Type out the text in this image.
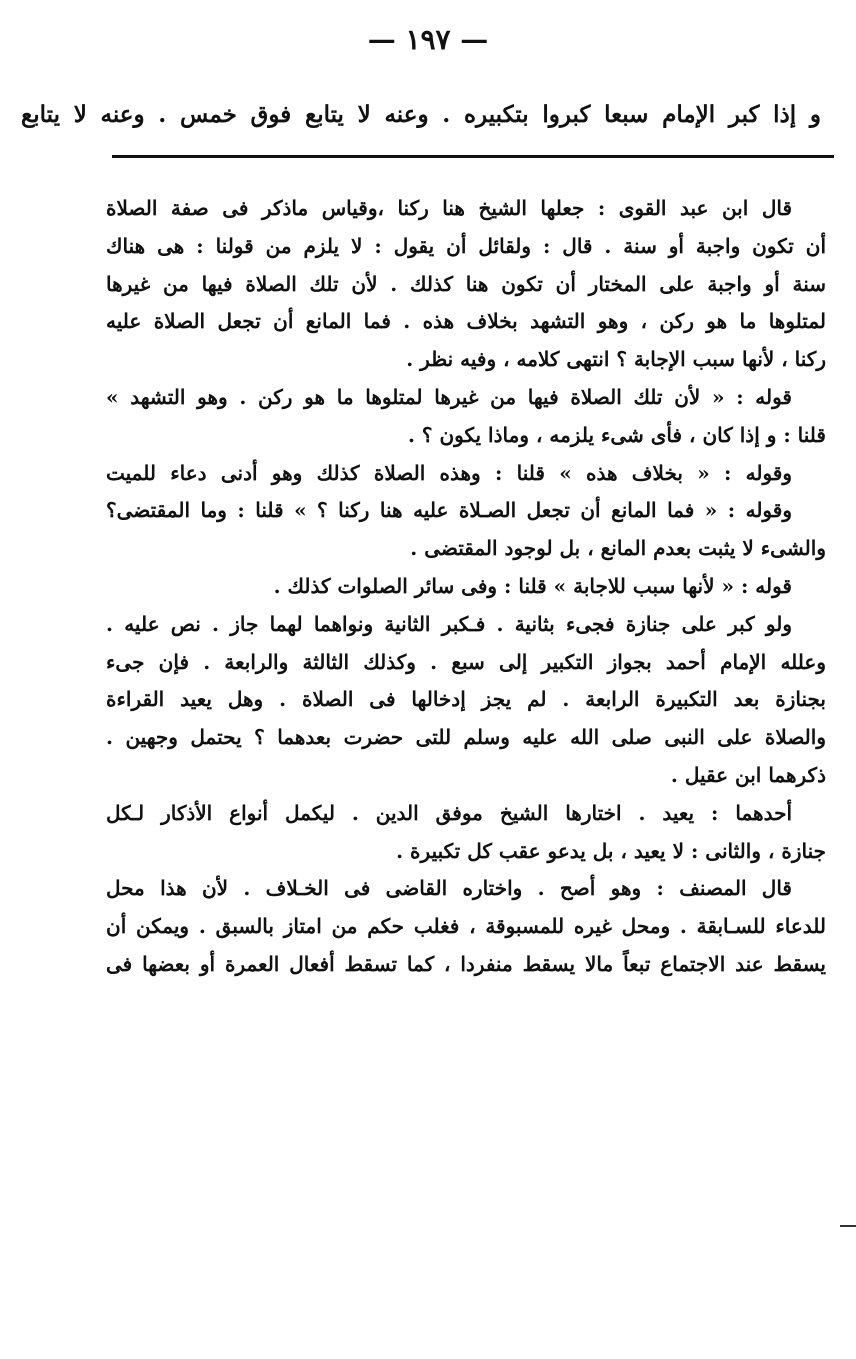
— ١٩٧ —
و إذا كبر الإمام سبعا كبروا بتكبيره . وعنه لا يتابع فوق خمس . وعنه لا يتابع
قال ابن عبد القوى : جعلها الشيخ هنا ركنا ،وقياس ماذكر فى صفة الصلاة
أن تكون واجبة أو سنة . قال : ولقائل أن يقول : لا يلزم من قولنا : هى هناك
سنة أو واجبة على المختار أن تكون هنا كذلك . لأن تلك الصلاة فيها من غيرها
لمتلوها ما هو ركن ، وهو التشهد بخلاف هذه . فما المانع أن تجعل الصلاة عليه
ركنا ، لأنها سبب الإجابة ؟ انتهى كلامه ، وفيه نظر .
قوله : « لأن تلك الصلاة فيها من غيرها لمتلوها ما هو ركن . وهو التشهد »
قلنا : و إذا كان ، فأى شىء يلزمه ، وماذا يكون ؟ .
وقوله : « بخلاف هذه » قلنا : وهذه الصلاة كذلك وهو أدنى دعاء للميت
وقوله : « فما المانع أن تجعل الصـلاة عليه هنا ركنا ؟ » قلنا : وما المقتضى؟
والشىء لا يثبت بعدم المانع ، بل لوجود المقتضى .
قوله : « لأنها سبب للاجابة » قلنا : وفى سائر الصلوات كذلك .
ولو كبر على جنازة فجىء بثانية . فـكبر الثانية ونواهما لهما جاز . نص عليه .
وعلله الإمام أحمد بجواز التكبير إلى سبع . وكذلك الثالثة والرابعة . فإن جىء
بجنازة بعد التكبيرة الرابعة . لم يجز إدخالها فى الصلاة . وهل يعيد القراءة
والصلاة على النبى صلى الله عليه وسلم للتى حضرت بعدهما ؟ يحتمل وجهين .
ذكرهما ابن عقيل .
أحدهما : يعيد . اختارها الشيخ موفق الدين . ليكمل أنواع الأذكار لـكل
جنازة ، والثانى : لا يعيد ، بل يدعو عقب كل تكبيرة .
قال المصنف : وهو أصح . واختاره القاضى فى الخـلاف . لأن هذا محل
للدعاء للسـابقة . ومحل غيره للمسبوقة ، فغلب حكم من امتاز بالسبق . ويمكن أن
يسقط عند الاجتماع تبعاً مالا يسقط منفردا ، كما تسقط أفعال العمرة أو بعضها فى
